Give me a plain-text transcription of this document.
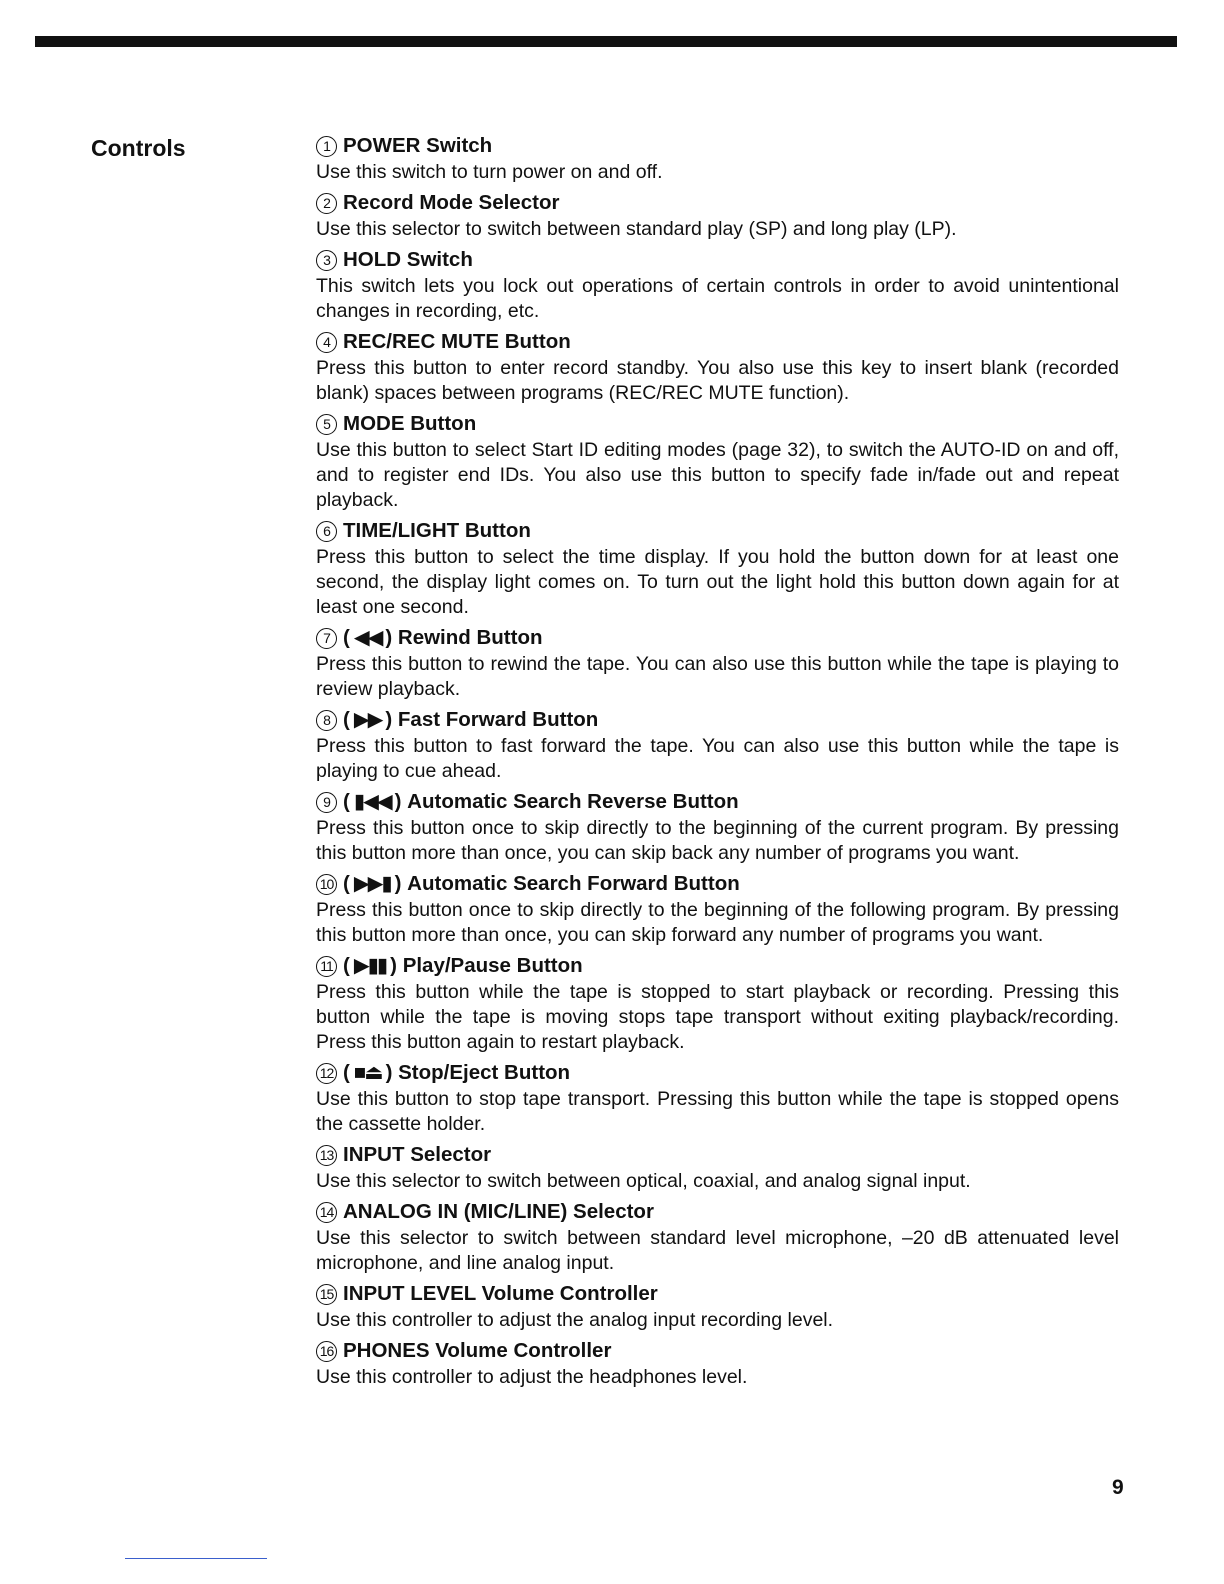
Controls	1 POWER Switch

Use this switch to turn power on and off.

2 Record Mode Selector

Use this selector to switch between standard play (SP) and long play (LP).

3 HOLD Switch

This switch lets you lock out operations of certain controls in order to avoid unintentional changes in recording, etc.

4 REC/REC MUTE Button

Press this button to enter record standby. You also use this key to insert blank (recorded blank) spaces between programs (REC/REC MUTE function).

5 MODE Button

Use this button to select Start ID editing modes (page 32), to switch the AUTO-ID on and off, and to register end IDs. You also use this button to specify fade in/fade out and repeat playback.

6 TIME/LIGHT Button

Press this button to select the time display. If you hold the button down for at least one second, the display light comes on. To turn out the light hold this button down again for at least one second.

7 ( ◀◀ ) Rewind Button

Press this button to rewind the tape. You can also use this button while the tape is playing to review playback.

8 ( ▶▶ ) Fast Forward Button

Press this button to fast forward the tape. You can also use this button while the tape is playing to cue ahead.

9 ( ▮◀◀ ) Automatic Search Reverse Button

Press this button once to skip directly to the beginning of the current program. By pressing this button more than once, you can skip back any number of programs you want.

10 ( ▶▶▮ ) Automatic Search Forward Button

Press this button once to skip directly to the beginning of the following program. By pressing this button more than once, you can skip forward any number of programs you want.

11 ( ▶▮▮ ) Play/Pause Button

Press this button while the tape is stopped to start playback or recording. Pressing this button while the tape is moving stops tape transport without exiting playback/recording. Press this button again to restart playback.

12 ( ■⏏ ) Stop/Eject Button

Use this button to stop tape transport. Pressing this button while the tape is stopped opens the cassette holder.

13 INPUT Selector

Use this selector to switch between optical, coaxial, and analog signal input.

14 ANALOG IN (MIC/LINE) Selector

Use this selector to switch between standard level microphone, –20 dB attenuated level microphone, and line analog input.

15 INPUT LEVEL Volume Controller

Use this controller to adjust the analog input recording level.

16 PHONES Volume Controller

Use this controller to adjust the headphones level.

9
